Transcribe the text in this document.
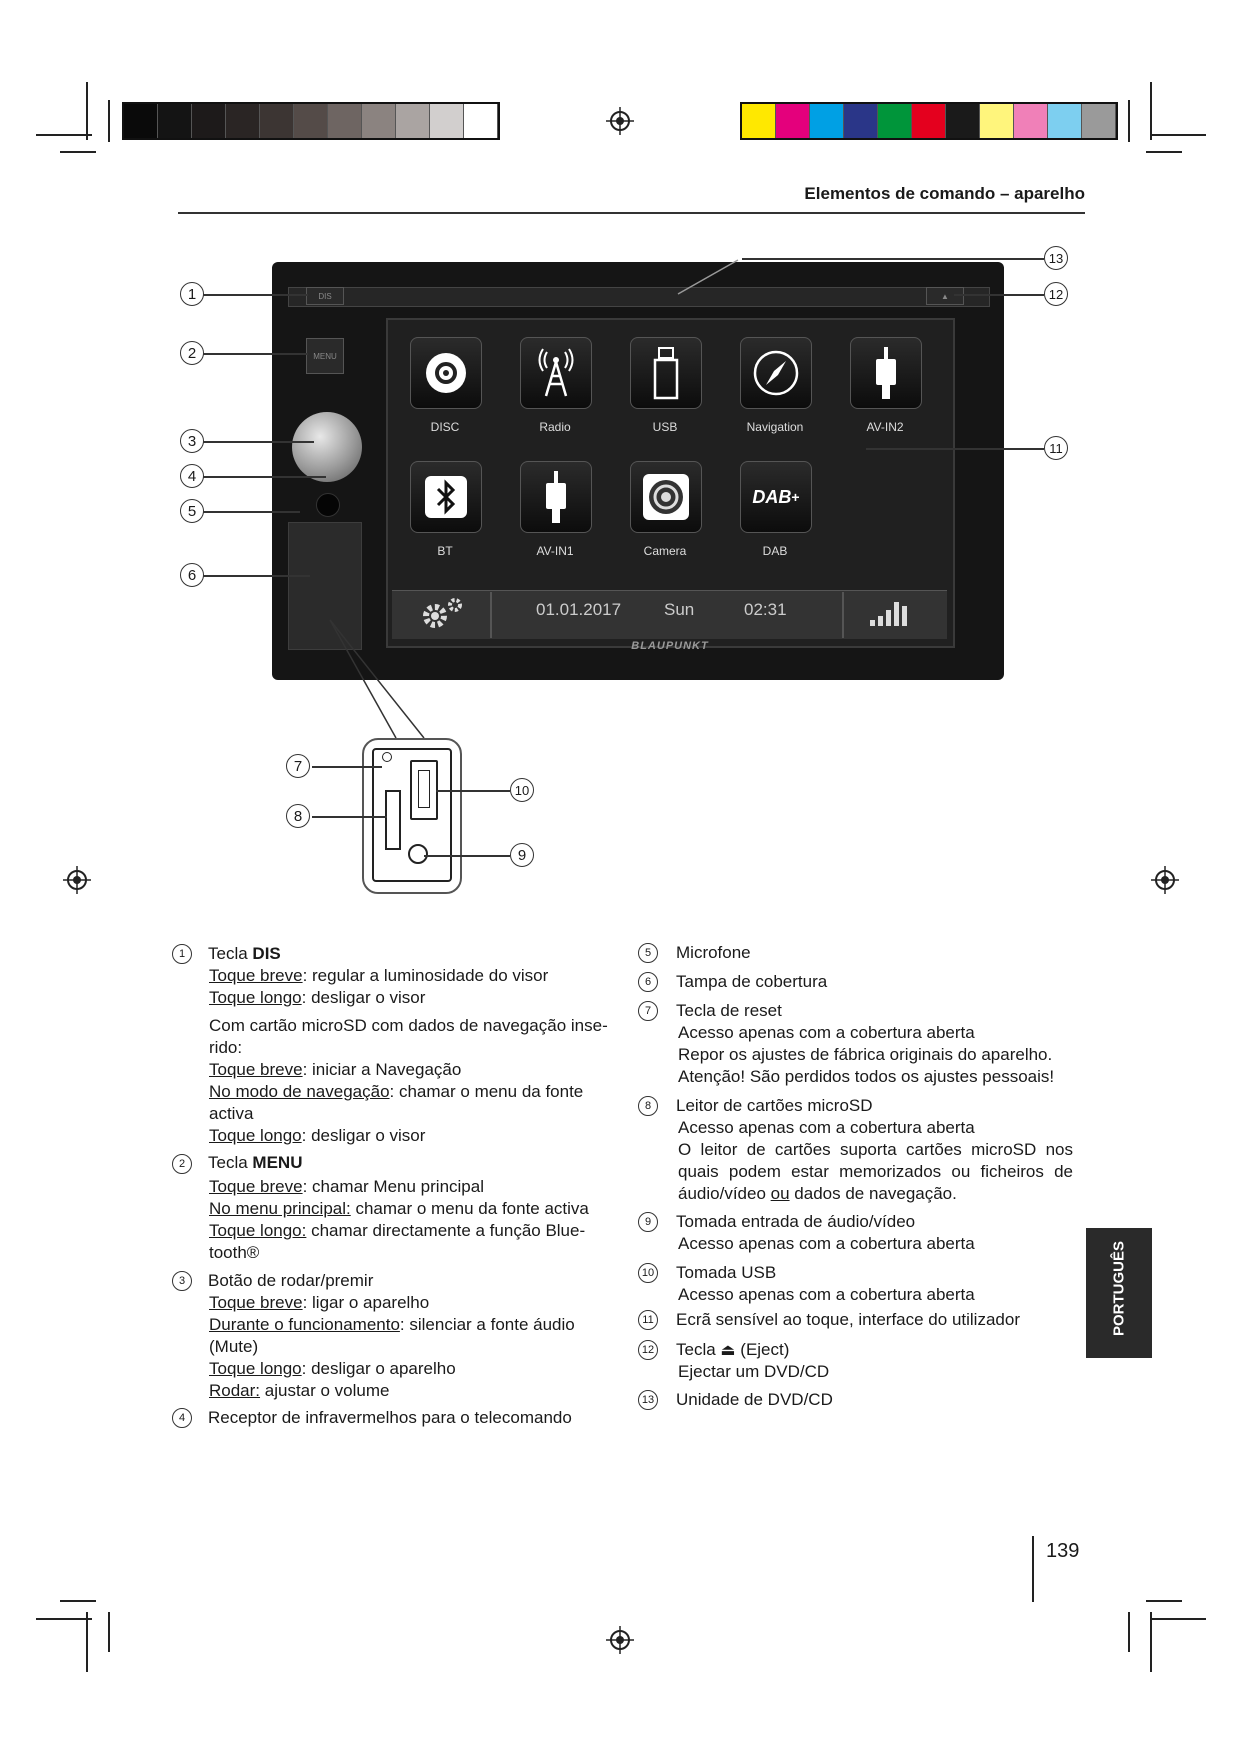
Elementos de comando – aparelho
DIS	▲
MENU
DISC	Radio	USB	Navigation	AV-IN2
DAB +
BT	AV-IN1	Camera	DAB
01.01.2017	Sun	02:31
BLAUPUNKT
1
2
3
4
5
6
7
8
9
10
11
12
13
1	Tecla DIS
Toque breve: regular a luminosidade do visor
Toque longo: desligar o visor
Com cartão microSD com dados de navegação inse-
rido:
Toque breve: iniciar a Navegação
No modo de navegação: chamar o menu da fonte
activa
Toque longo: desligar o visor
2	Tecla MENU
Toque breve: chamar Menu principal
No menu principal: chamar o menu da fonte activa
Toque longo: chamar directamente a função Blue-
tooth®
3	Botão de rodar/premir
Toque breve: ligar o aparelho
Durante o funcionamento: silenciar a fonte áudio
(Mute)
Toque longo: desligar o aparelho
Rodar: ajustar o volume
4	Receptor de infravermelhos para o telecomando
5	Microfone
6	Tampa de cobertura
7	Tecla de reset
Acesso apenas com a cobertura aberta
Repor os ajustes de fábrica originais do aparelho.
Atenção! São perdidos todos os ajustes pessoais!
8	Leitor de cartões microSD
Acesso apenas com a cobertura aberta
O leitor de cartões suporta cartões microSD nos
quais podem estar memorizados ou ficheiros de
áudio/vídeo ou dados de navegação.
9	Tomada entrada de áudio/vídeo
Acesso apenas com a cobertura aberta
10 Tomada USB
Acesso apenas com a cobertura aberta
11 Ecrã sensível ao toque, interface do utilizador
12 Tecla ⏏ (Eject)
Ejectar um DVD/CD
13 Unidade de DVD/CD
PORTUGUÊS
139
